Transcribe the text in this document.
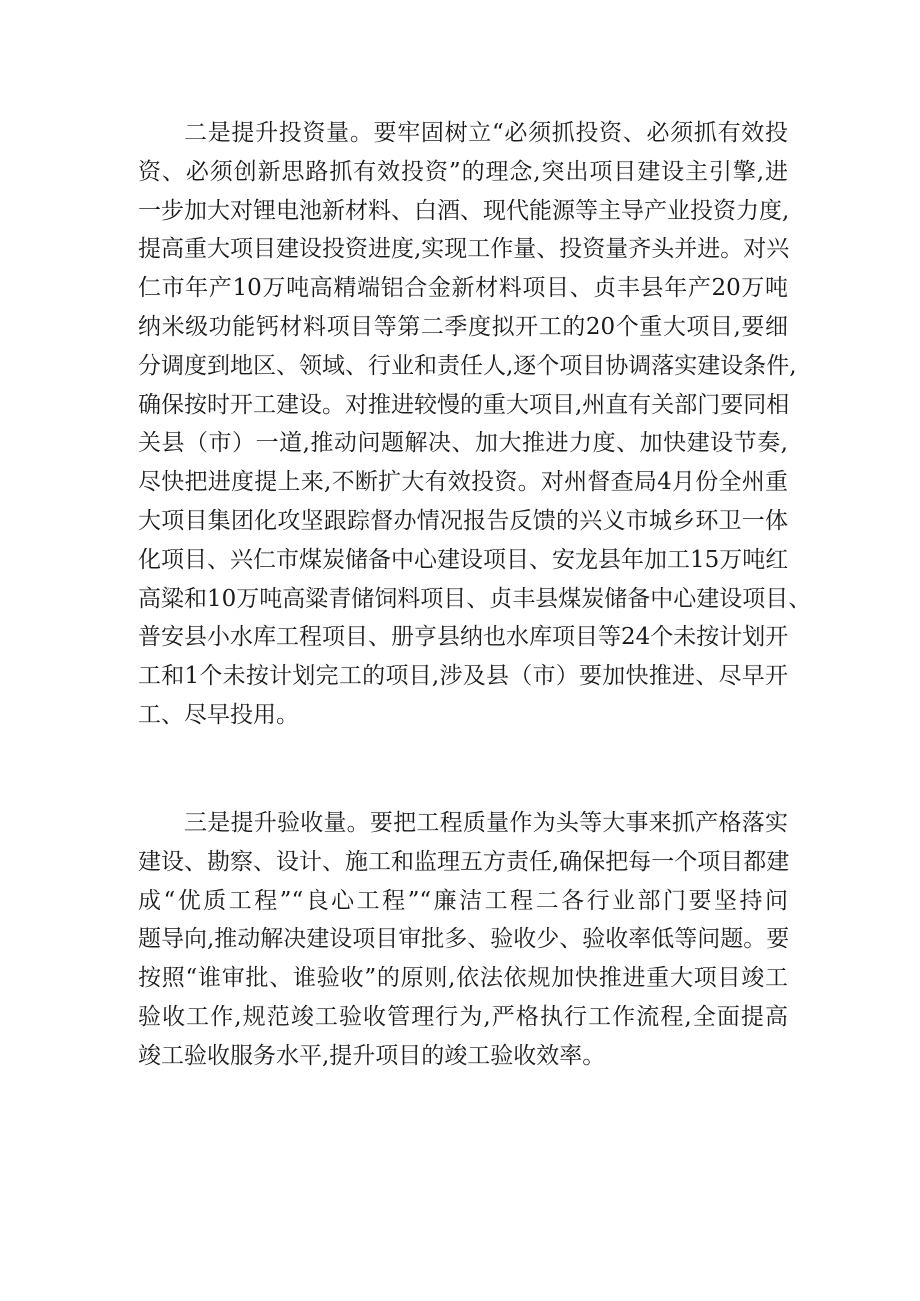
二是提升投资量。要牢固树立“必须抓投资、必须抓有效投
资、必须创新思路抓有效投资”的理念,突出项目建设主引擎,进
一步加大对锂电池新材料、白酒、现代能源等主导产业投资力度,
提高重大项目建设投资进度,实现工作量、投资量齐头并进。对兴
仁市年产10万吨高精端铝合金新材料项目、贞丰县年产20万吨
纳米级功能钙材料项目等第二季度拟开工的20个重大项目,要细
分调度到地区、领域、行业和责任人,逐个项目协调落实建设条件,
确保按时开工建设。对推进较慢的重大项目,州直有关部门要同相
关县（市）一道,推动问题解决、加大推进力度、加快建设节奏,
尽快把进度提上来,不断扩大有效投资。对州督查局4月份全州重
大项目集团化攻坚跟踪督办情况报告反馈的兴义市城乡环卫一体
化项目、兴仁市煤炭储备中心建设项目、安龙县年加工15万吨红
高粱和10万吨高粱青储饲料项目、贞丰县煤炭储备中心建设项目、
普安县小水库工程项目、册亨县纳也水库项目等24个未按计划开
工和1个未按计划完工的项目,涉及县（市）要加快推进、尽早开
工、尽早投用。
三是提升验收量。要把工程质量作为头等大事来抓产格落实
建设、勘察、设计、施工和监理五方责任,确保把每一个项目都建
成“优质工程”“良心工程”“廉洁工程二各行业部门要坚持问
题导向,推动解决建设项目审批多、验收少、验收率低等问题。要
按照“谁审批、谁验收”的原则,依法依规加快推进重大项目竣工
验收工作,规范竣工验收管理行为,严格执行工作流程,全面提高
竣工验收服务水平,提升项目的竣工验收效率。
